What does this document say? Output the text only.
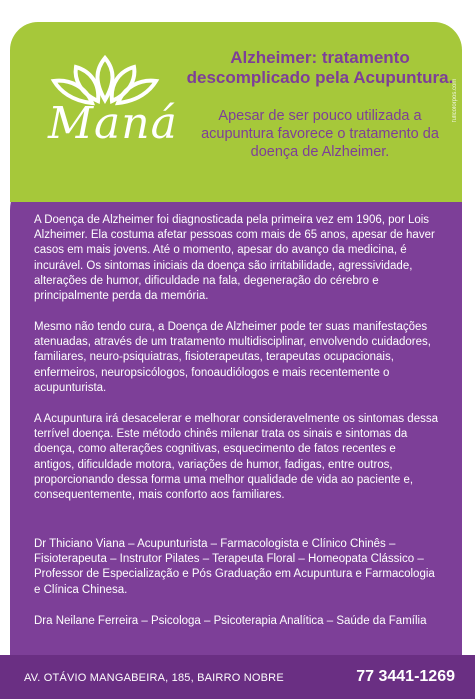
Maná
Alzheimer: tratamento descomplicado pela Acupuntura.
Apesar de ser pouco utilizada a acupuntura favorece o tratamento da doença de Alzheimer.
fullcolorpos.com
A Doença de Alzheimer foi diagnosticada pela primeira vez em 1906, por Lois Alzheimer. Ela costuma afetar pessoas com mais de 65 anos, apesar de haver casos em mais jovens. Até o momento, apesar do avanço da medicina, é incurável. Os sintomas iniciais da doença são irritabilidade, agressividade, alterações de humor, dificuldade na fala, degeneração do cérebro e principalmente perda da memória.
Mesmo não tendo cura, a Doença de Alzheimer pode ter suas manifestações atenuadas, através de um tratamento multidisciplinar, envolvendo cuidadores, familiares, neuro-psiquiatras, fisioterapeutas, terapeutas ocupacionais, enfermeiros, neuropsicólogos, fonoaudiólogos e mais recentemente o acupunturista.
A Acupuntura irá desacelerar e melhorar consideravelmente os sintomas dessa terrível doença. Este método chinês milenar trata os sinais e sintomas da doença, como alterações cognitivas, esquecimento de fatos recentes e antigos, dificuldade motora, variações de humor, fadigas, entre outros, proporcionando dessa forma uma melhor qualidade de vida ao paciente e, consequentemente, mais conforto aos familiares.
Dr Thiciano Viana – Acupunturista – Farmacologista e Clínico Chinês – Fisioterapeuta – Instrutor Pilates – Terapeuta Floral – Homeopata Clássico – Professor de Especialização e Pós Graduação em Acupuntura e Farmacologia e Clínica Chinesa.
Dra Neilane Ferreira – Psicologa – Psicoterapia Analítica – Saúde da Família
AV. OTÁVIO MANGABEIRA, 185, BAIRRO NOBRE	77 3441-1269
